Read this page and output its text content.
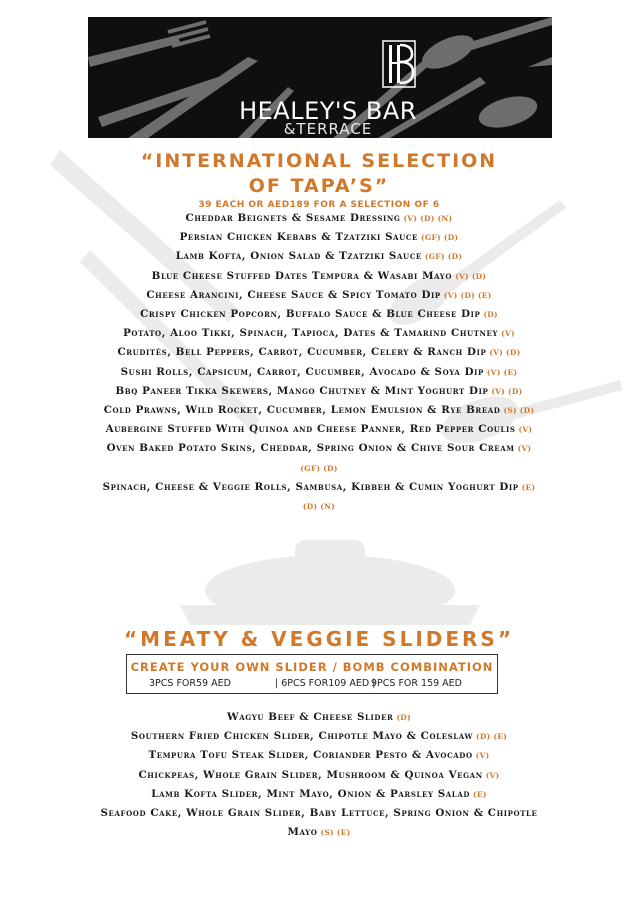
HEALEY'S BAR
&TERRACE
“INTERNATIONAL SELECTION OF TAPA’S”
39 EACH OR AED189 FOR A SELECTION OF 6
Cheddar Beignets & Sesame Dressing (V) (D) (N)
Persian Chicken Kebabs & Tzatziki Sauce (GF) (D)
Lamb Kofta, Onion Salad & Tzatziki Sauce (GF) (D)
Blue Cheese Stuffed Dates Tempura & Wasabi Mayo (V) (D)
Cheese Arancini, Cheese Sauce & Spicy Tomato Dip (V) (D) (E)
Crispy Chicken Popcorn, Buffalo Sauce & Blue Cheese Dip (D)
Potato, Aloo Tikki, Spinach, Tapioca, Dates & Tamarind Chutney (V)
Crudités, Bell Peppers, Carrot, Cucumber, Celery & Ranch Dip (V) (D)
Sushi Rolls, Capsicum, Carrot, Cucumber, Avocado & Soya Dip (V) (E)
Bbq Paneer Tikka Skewers, Mango Chutney & Mint Yoghurt Dip (V) (D)
Cold Prawns, Wild Rocket, Cucumber, Lemon Emulsion & Rye Bread (S) (D)
Aubergine Stuffed With Quinoa and Cheese Panner, Red Pepper Coulis (V)
Oven Baked Potato Skins, Cheddar, Spring Onion & Chive Sour Cream (V) (GF) (D)
Spinach, Cheese & Veggie Rolls, Sambusa, Kibbeh & Cumin Yoghurt Dip (E) (D) (N)
“MEATY & VEGGIE SLIDERS”
CREATE YOUR OWN SLIDER / BOMB COMBINATION
3PCS FOR59 AED	| 6PCS FOR109 AED |
9PCS FOR 159 AED
Wagyu Beef & Cheese Slider (D)
Southern Fried Chicken Slider, Chipotle Mayo & Coleslaw (D) (E)
Tempura Tofu Steak Slider, Coriander Pesto & Avocado (V)
Chickpeas, Whole Grain Slider, Mushroom & Quinoa Vegan (V)
Lamb Kofta Slider, Mint Mayo, Onion & Parsley Salad (E)
Seafood Cake, Whole Grain Slider, Baby Lettuce, Spring Onion & Chipotle Mayo (S) (E)
